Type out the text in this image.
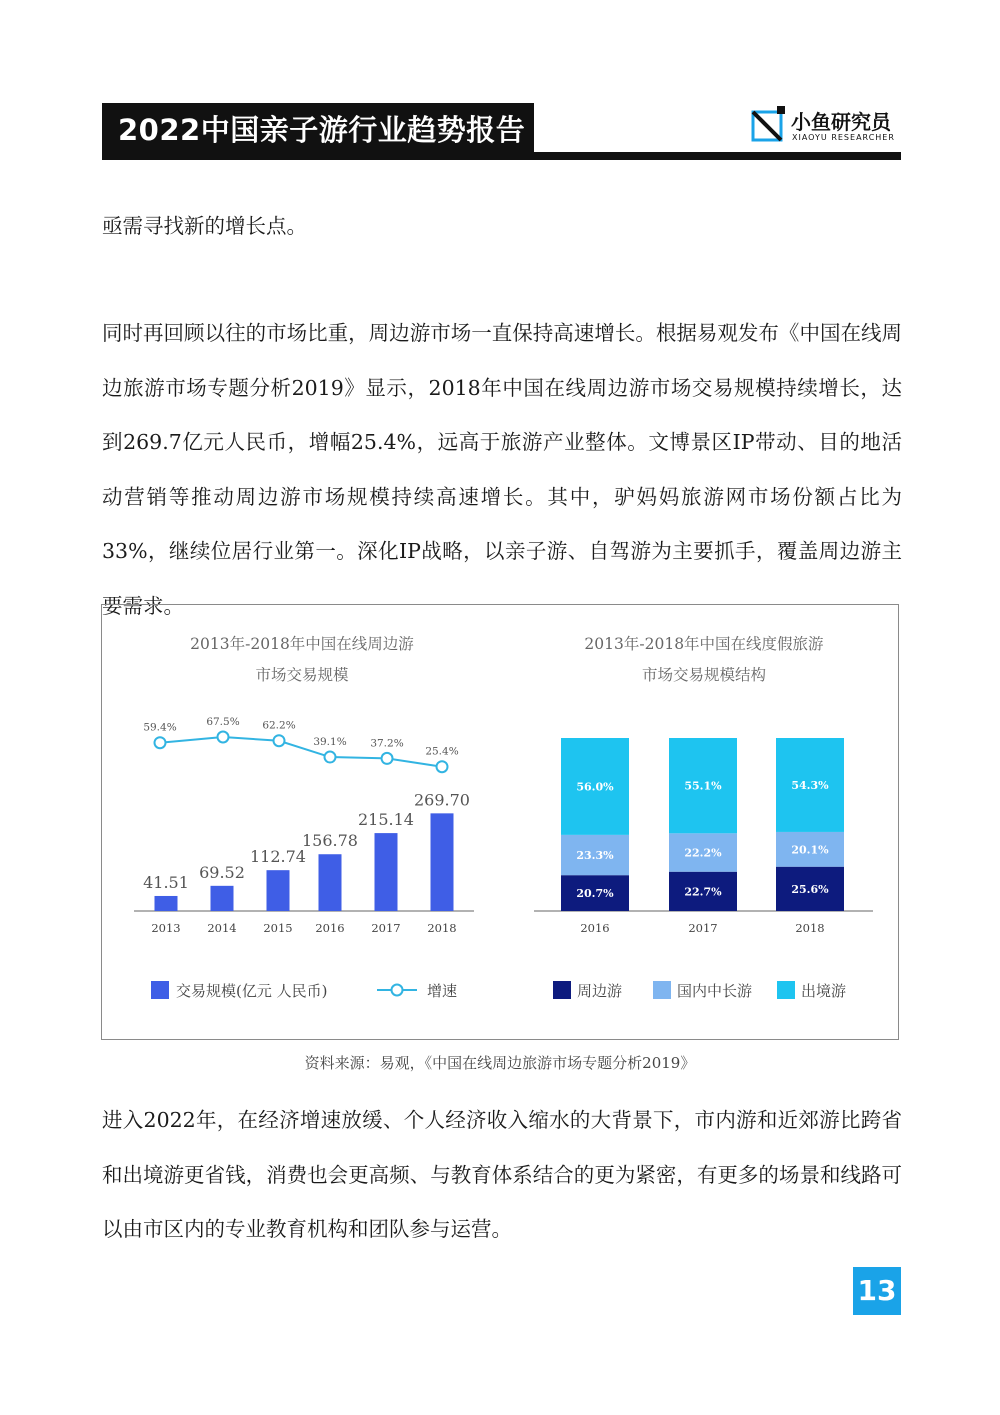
2022中国亲子游行业趋势报告	小鱼研究员
XIAOYU RESEARCHER

亟需寻找新的增长点。

同时再回顾以往的市场比重，周边游市场一直保持高速增长。根据易观发布《中国在线周边旅游市场专题分析2019》显示，2018年中国在线周边游市场交易规模持续增长，达到269.7亿元人民币，增幅25.4%，远高于旅游产业整体。文博景区IP带动、目的地活动营销等推动周边游市场规模持续高速增长。其中，驴妈妈旅游网市场份额占比为33%，继续位居行业第一。深化IP战略，以亲子游、自驾游为主要抓手，覆盖周边游主要需求。

2013年-2018年中国在线周边游
市场交易规模
41.51
69.52
112.74
156.78
215.14
269.70
2013 2014 2015 2016 2017 2018
59.4%	67.5% 62.2%
39.1% 37.2%
25.4%
交易规模(亿元 人民币)	增速
2013年-2018年中国在线度假旅游
市场交易规模结构
20.7%
23.3%
56.0%
2016
22.7%
22.2%
55.1%
2017
25.6%
20.1%
54.3%
2018
周边游	国内中长游	出境游
资料来源：易观，《中国在线周边旅游市场专题分析2019》

进入2022年，在经济增速放缓、个人经济收入缩水的大背景下，市内游和近郊游比跨省和出境游更省钱，消费也会更高频、与教育体系结合的更为紧密，有更多的场景和线路可以由市区内的专业教育机构和团队参与运营。

13
